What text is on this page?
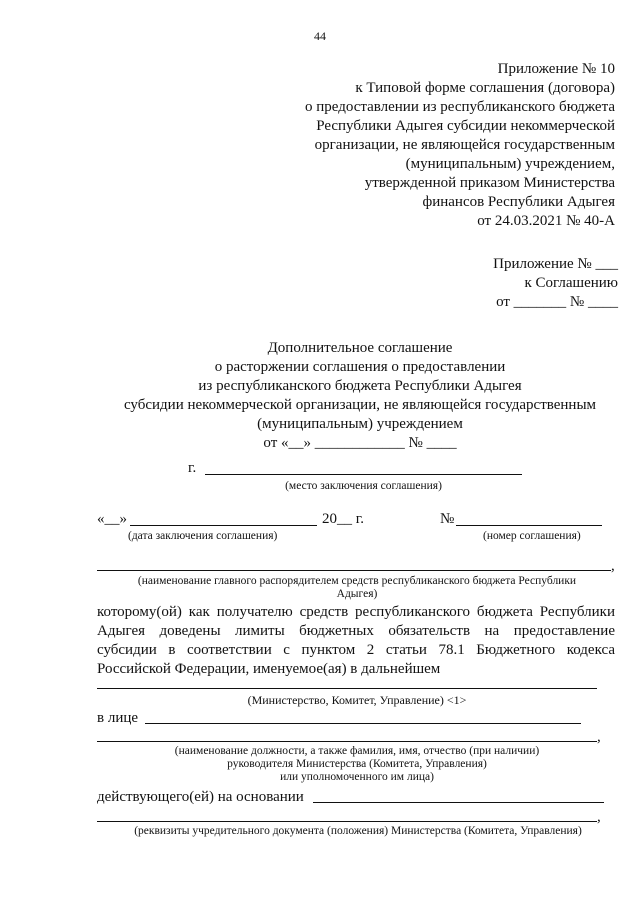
44
Приложение № 10
к Типовой форме соглашения (договора)
о предоставлении из республиканского бюджета
Республики Адыгея субсидии некоммерческой
организации, не являющейся государственным
(муниципальным) учреждением,
утвержденной приказом Министерства
финансов Республики Адыгея
от 24.03.2021 № 40-А
Приложение № ___
к Соглашению
от _______ № ____
Дополнительное соглашение
о расторжении соглашения о предоставлении
из республиканского бюджета Республики Адыгея
субсидии некоммерческой организации, не являющейся государственным
(муниципальным) учреждением
от «__» ____________ № ____
г.
(место заключения соглашения)
«__»	20__ г.	№
(дата заключения соглашения)	(номер соглашения)
,
(наименование главного распорядителем средств республиканского бюджета Республики
Адыгея)
которому(ой) как получателю средств республиканского бюджета Республики
Адыгея доведены лимиты бюджетных обязательств на предоставление
субсидии в соответствии с пунктом 2 статьи 78.1 Бюджетного кодекса
Российской Федерации, именуемое(ая) в дальнейшем
(Министерство, Комитет, Управление) <1>
в лице
,
(наименование должности, а также фамилия, имя, отчество (при наличии)
руководителя Министерства (Комитета, Управления)
или уполномоченного им лица)
действующего(ей) на основании
,
(реквизиты учредительного документа (положения) Министерства (Комитета, Управления)
